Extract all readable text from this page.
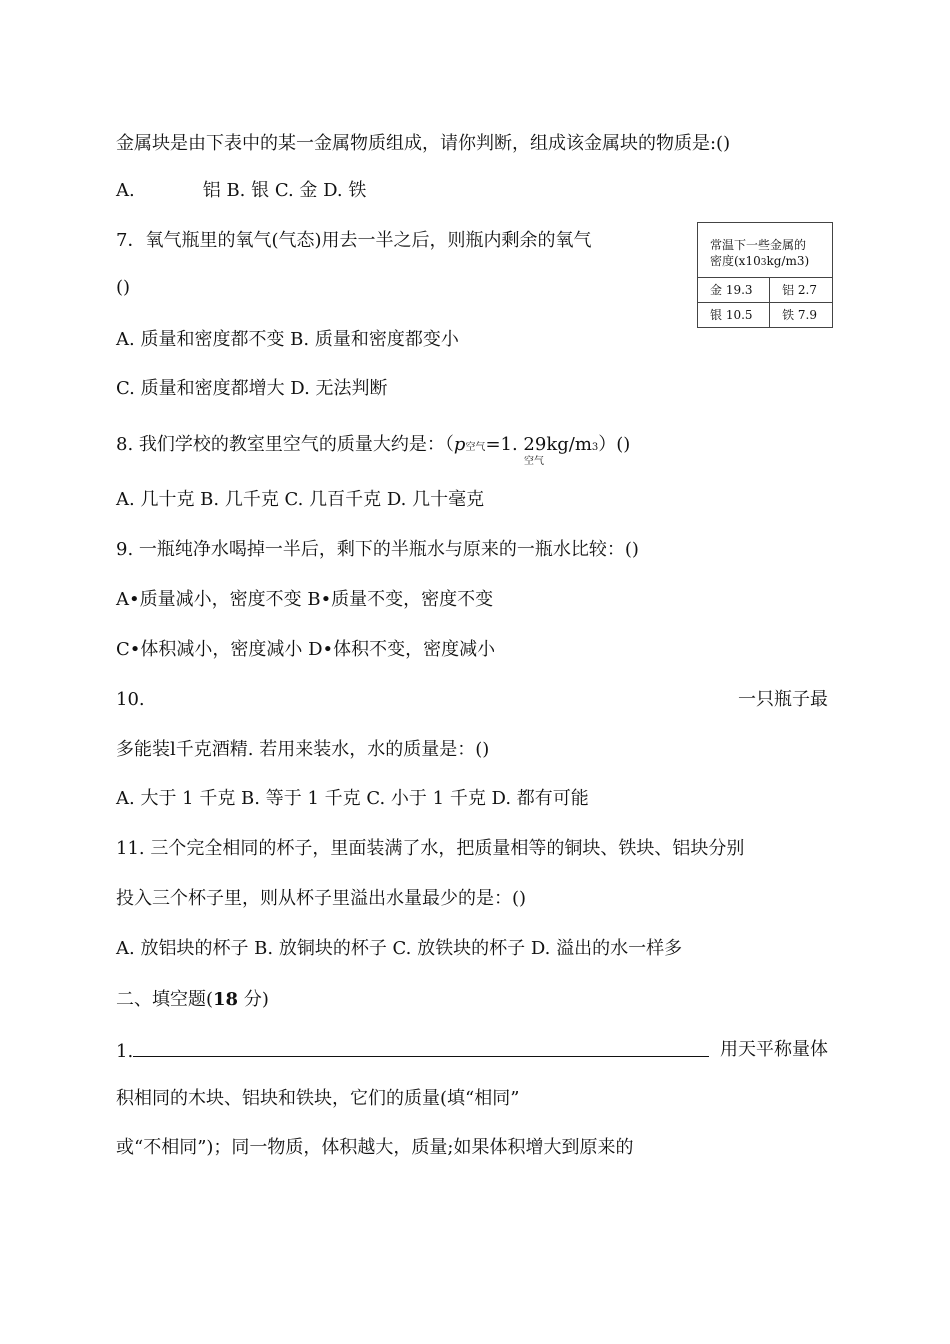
金属块是由下表中的某一金属物质组成，请你判断，组成该金属块的物质是:()
A.	铝 B. 银 C. 金 D. 铁
7．氧气瓶里的氧气(气态)用去一半之后，则瓶内剩余的氧气
()
A. 质量和密度都不变 B. 质量和密度都变小
C. 质量和密度都增大 D. 无法判断
8. 我们学校的教室里空气的质量大约是：（p空气=1. 29kg/m3）()
空气
A. 几十克 B. 几千克 C. 几百千克 D. 几十毫克
9. 一瓶纯净水喝掉一半后，剩下的半瓶水与原来的一瓶水比较：()
A•质量减小，密度不变 B•质量不变，密度不变
C•体积减小，密度减小 D•体积不变，密度减小
10.	一只瓶子最
多能装l千克酒精. 若用来装水，水的质量是：()
A. 大于 1 千克 B. 等于 1 千克 C. 小于 1 千克 D. 都有可能
11. 三个完全相同的杯子，里面装满了水，把质量相等的铜块、铁块、铝块分别
投入三个杯子里，则从杯子里溢出水量最少的是：()
A. 放铝块的杯子 B. 放铜块的杯子 C. 放铁块的杯子 D. 溢出的水一样多
二、填空题(18 分)
1.	用天平称量体
积相同的木块、铝块和铁块，它们的质量(填“相同”
或“不相同”)；同一物质，体积越大，质量;如果体积增大到原来的
常温下一些金属的
密度(x103kg/m3)	

金 19.3	铝 2.7
银 10.5	铁 7.9
